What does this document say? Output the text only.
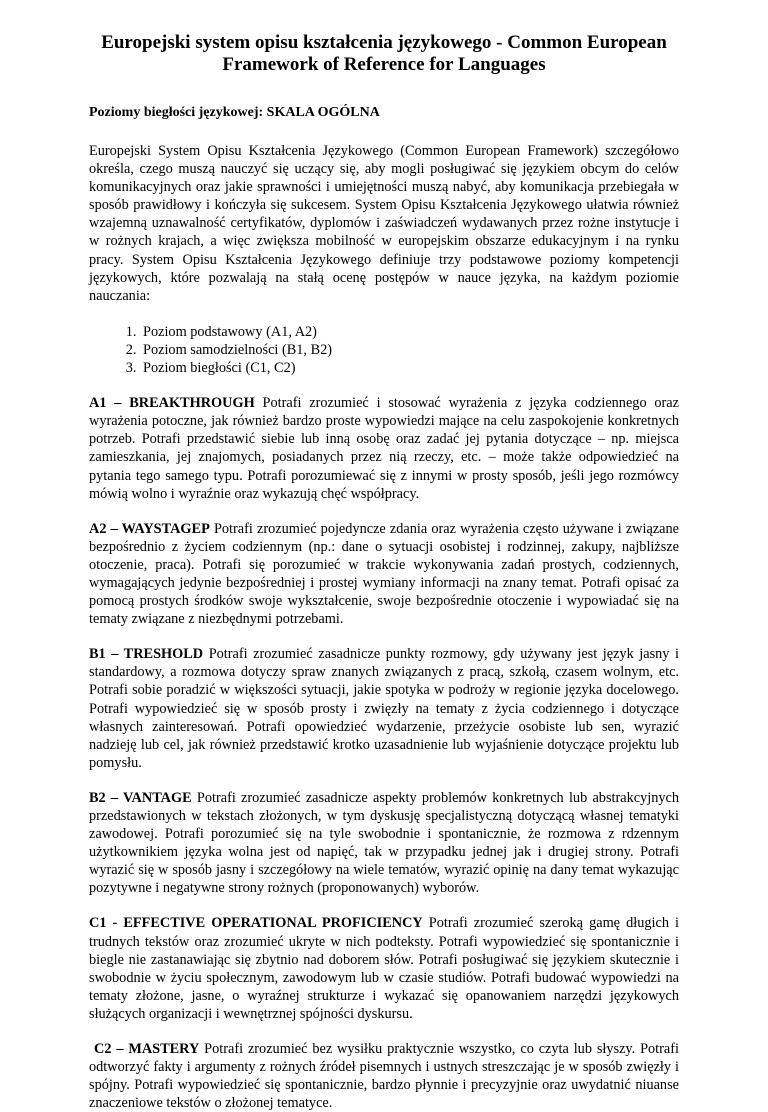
Europejski system opisu kształcenia językowego - Common European Framework of Reference for Languages
Poziomy biegłości językowej: SKALA OGÓLNA

Europejski System Opisu Kształcenia Językowego (Common European Framework) szczegółowo określa, czego muszą nauczyć się uczący się, aby mogli posługiwać się językiem obcym do celów komunikacyjnych oraz jakie sprawności i umiejętności muszą nabyć, aby komunikacja przebiegała w sposób prawidłowy i kończyła się sukcesem. System Opisu Kształcenia Językowego ułatwia również wzajemną uznawalność certyfikatów, dyplomów i zaświadczeń wydawanych przez rożne instytucje i w rożnych krajach, a więc zwiększa mobilność w europejskim obszarze edukacyjnym i na rynku pracy. System Opisu Kształcenia Językowego definiuje trzy podstawowe poziomy kompetencji językowych, które pozwalają na stałą ocenę postępów w nauce języka, na każdym poziomie nauczania:

1. Poziom podstawowy (A1, A2)
2. Poziom samodzielności (B1, B2)
3. Poziom biegłości (C1, C2)

A1 – BREAKTHROUGH Potrafi zrozumieć i stosować wyrażenia z języka codziennego oraz wyrażenia potoczne, jak również bardzo proste wypowiedzi mające na celu zaspokojenie konkretnych potrzeb. Potrafi przedstawić siebie lub inną osobę oraz zadać jej pytania dotyczące – np. miejsca zamieszkania, jej znajomych, posiadanych przez nią rzeczy, etc. – może także odpowiedzieć na pytania tego samego typu. Potrafi porozumiewać się z innymi w prosty sposób, jeśli jego rozmówcy mówią wolno i wyraźnie oraz wykazują chęć współpracy.

A2 – WAYSTAGEP Potrafi zrozumieć pojedyncze zdania oraz wyrażenia często używane i związane bezpośrednio z życiem codziennym (np.: dane o sytuacji osobistej i rodzinnej, zakupy, najbliższe otoczenie, praca). Potrafi się porozumieć w trakcie wykonywania zadań prostych, codziennych, wymagających jedynie bezpośredniej i prostej wymiany informacji na znany temat. Potrafi opisać za pomocą prostych środków swoje wykształcenie, swoje bezpośrednie otoczenie i wypowiadać się na tematy związane z niezbędnymi potrzebami.

B1 – TRESHOLD Potrafi zrozumieć zasadnicze punkty rozmowy, gdy używany jest język jasny i standardowy, a rozmowa dotyczy spraw znanych związanych z pracą, szkołą, czasem wolnym, etc. Potrafi sobie poradzić w większości sytuacji, jakie spotyka w podroży w regionie języka docelowego. Potrafi wypowiedzieć się w sposób prosty i zwięzły na tematy z życia codziennego i dotyczące własnych zainteresowań. Potrafi opowiedzieć wydarzenie, przeżycie osobiste lub sen, wyrazić nadzieję lub cel, jak również przedstawić krotko uzasadnienie lub wyjaśnienie dotyczące projektu lub pomysłu.

B2 – VANTAGE Potrafi zrozumieć zasadnicze aspekty problemów konkretnych lub abstrakcyjnych przedstawionych w tekstach złożonych, w tym dyskusję specjalistyczną dotyczącą własnej tematyki zawodowej. Potrafi porozumieć się na tyle swobodnie i spontanicznie, że rozmowa z rdzennym użytkownikiem języka wolna jest od napięć, tak w przypadku jednej jak i drugiej strony. Potrafi wyrazić się w sposób jasny i szczegółowy na wiele tematów, wyrazić opinię na dany temat wykazując pozytywne i negatywne strony rożnych (proponowanych) wyborów.

C1 - EFFECTIVE OPERATIONAL PROFICIENCY Potrafi zrozumieć szeroką gamę długich i trudnych tekstów oraz zrozumieć ukryte w nich podteksty. Potrafi wypowiedzieć się spontanicznie i biegle nie zastanawiając się zbytnio nad doborem słów. Potrafi posługiwać się językiem skutecznie i swobodnie w życiu społecznym, zawodowym lub w czasie studiów. Potrafi budować wypowiedzi na tematy złożone, jasne, o wyraźnej strukturze i wykazać się opanowaniem narzędzi językowych służących organizacji i wewnętrznej spójności dyskursu.

C2 – MASTERY Potrafi zrozumieć bez wysiłku praktycznie wszystko, co czyta lub słyszy. Potrafi odtworzyć fakty i argumenty z rożnych źródeł pisemnych i ustnych streszczając je w sposób zwięzły i spójny. Potrafi wypowiedzieć się spontanicznie, bardzo płynnie i precyzyjnie oraz uwydatnić niuanse znaczeniowe tekstów o złożonej tematyce.
